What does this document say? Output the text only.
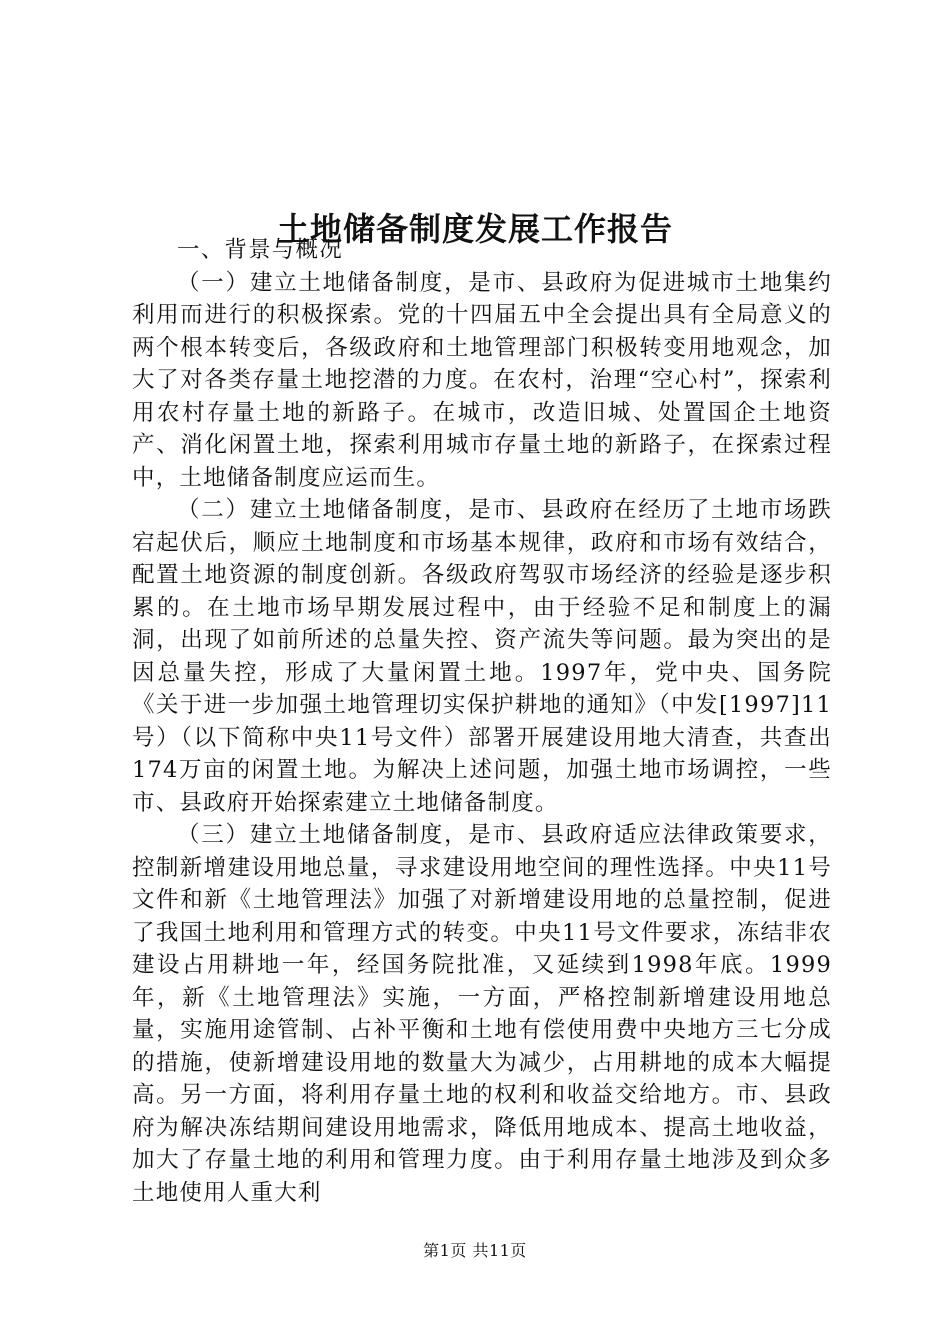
土地储备制度发展工作报告

一、背景与概况

（一）建立土地储备制度，是市、县政府为促进城市土地集约利用而进行的积极探索。党的十四届五中全会提出具有全局意义的两个根本转变后，各级政府和土地管理部门积极转变用地观念，加大了对各类存量土地挖潜的力度。在农村，治理“空心村”，探索利用农村存量土地的新路子。在城市，改造旧城、处置国企土地资产、消化闲置土地，探索利用城市存量土地的新路子，在探索过程中，土地储备制度应运而生。

（二）建立土地储备制度，是市、县政府在经历了土地市场跌宕起伏后，顺应土地制度和市场基本规律，政府和市场有效结合，配置土地资源的制度创新。各级政府驾驭市场经济的经验是逐步积累的。在土地市场早期发展过程中，由于经验不足和制度上的漏洞，出现了如前所述的总量失控、资产流失等问题。最为突出的是因总量失控，形成了大量闲置土地。1997年，党中央、国务院《关于进一步加强土地管理切实保护耕地的通知》（中发[1997]11号）（以下简称中央11号文件）部署开展建设用地大清查，共查出174万亩的闲置土地。为解决上述问题，加强土地市场调控，一些市、县政府开始探索建立土地储备制度。

（三）建立土地储备制度，是市、县政府适应法律政策要求，控制新增建设用地总量，寻求建设用地空间的理性选择。中央11号文件和新《土地管理法》加强了对新增建设用地的总量控制，促进了我国土地利用和管理方式的转变。中央11号文件要求，冻结非农建设占用耕地一年，经国务院批准，又延续到1998年底。1999年，新《土地管理法》实施，一方面，严格控制新增建设用地总量，实施用途管制、占补平衡和土地有偿使用费中央地方三七分成的措施，使新增建设用地的数量大为减少，占用耕地的成本大幅提高。另一方面，将利用存量土地的权利和收益交给地方。市、县政府为解决冻结期间建设用地需求，降低用地成本、提高土地收益，加大了存量土地的利用和管理力度。由于利用存量土地涉及到众多土地使用人重大利

第1页 共11页
